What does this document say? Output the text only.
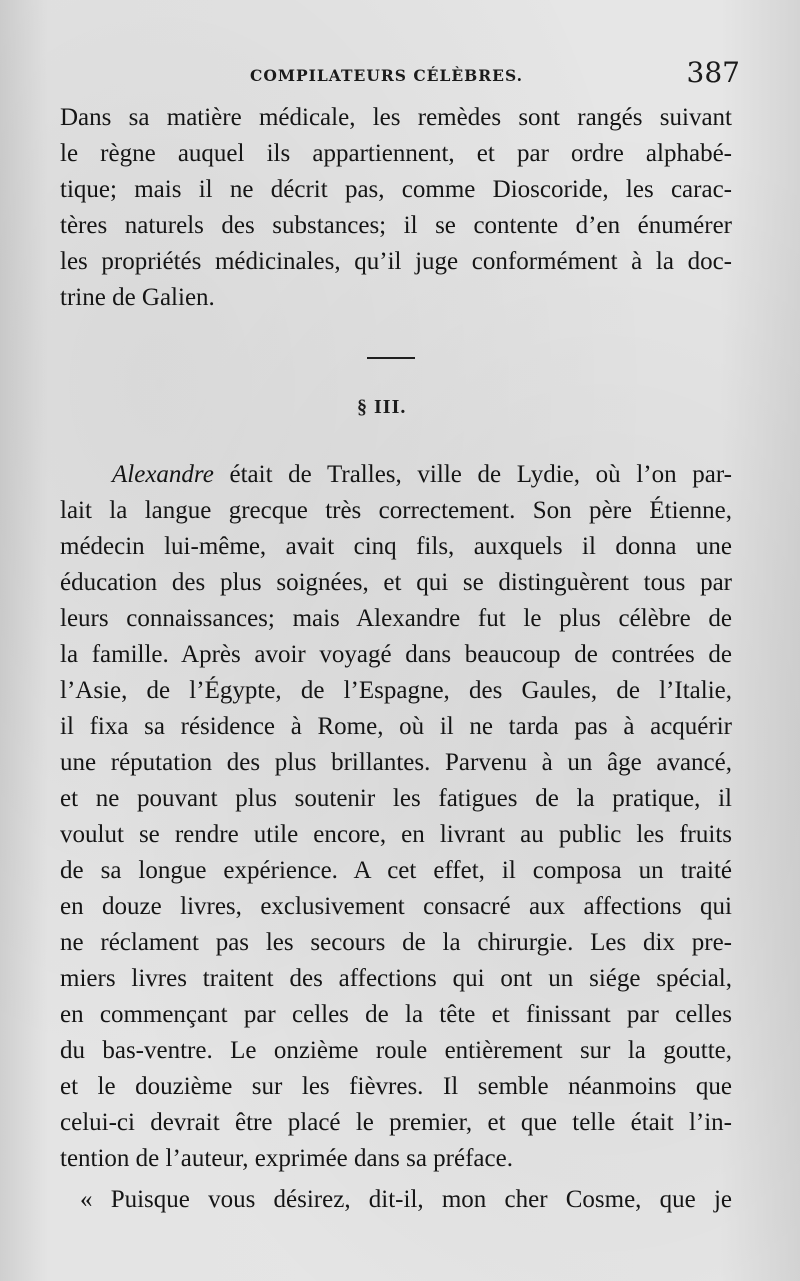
COMPILATEURS CÉLÈBRES.	387
Dans sa matière médicale, les remèdes sont rangés suivant
le règne auquel ils appartiennent, et par ordre alphabé-
tique; mais il ne décrit pas, comme Dioscoride, les carac-
tères naturels des substances; il se contente d’en énumérer
les propriétés médicinales, qu’il juge conformément à la doc-
trine de Galien.
§ III.
Alexandre était de Tralles, ville de Lydie, où l’on par-
lait la langue grecque très correctement. Son père Étienne,
médecin lui-même, avait cinq fils, auxquels il donna une
éducation des plus soignées, et qui se distinguèrent tous par
leurs connaissances; mais Alexandre fut le plus célèbre de
la famille. Après avoir voyagé dans beaucoup de contrées de
l’Asie, de l’Égypte, de l’Espagne, des Gaules, de l’Italie,
il fixa sa résidence à Rome, où il ne tarda pas à acquérir
une réputation des plus brillantes. Parvenu à un âge avancé,
et ne pouvant plus soutenir les fatigues de la pratique, il
voulut se rendre utile encore, en livrant au public les fruits
de sa longue expérience. A cet effet, il composa un traité
en douze livres, exclusivement consacré aux affections qui
ne réclament pas les secours de la chirurgie. Les dix pre-
miers livres traitent des affections qui ont un siége spécial,
en commençant par celles de la tête et finissant par celles
du bas-ventre. Le onzième roule entièrement sur la goutte,
et le douzième sur les fièvres. Il semble néanmoins que
celui-ci devrait être placé le premier, et que telle était l’in-
tention de l’auteur, exprimée dans sa préface.
« Puisque vous désirez, dit-il, mon cher Cosme, que je
